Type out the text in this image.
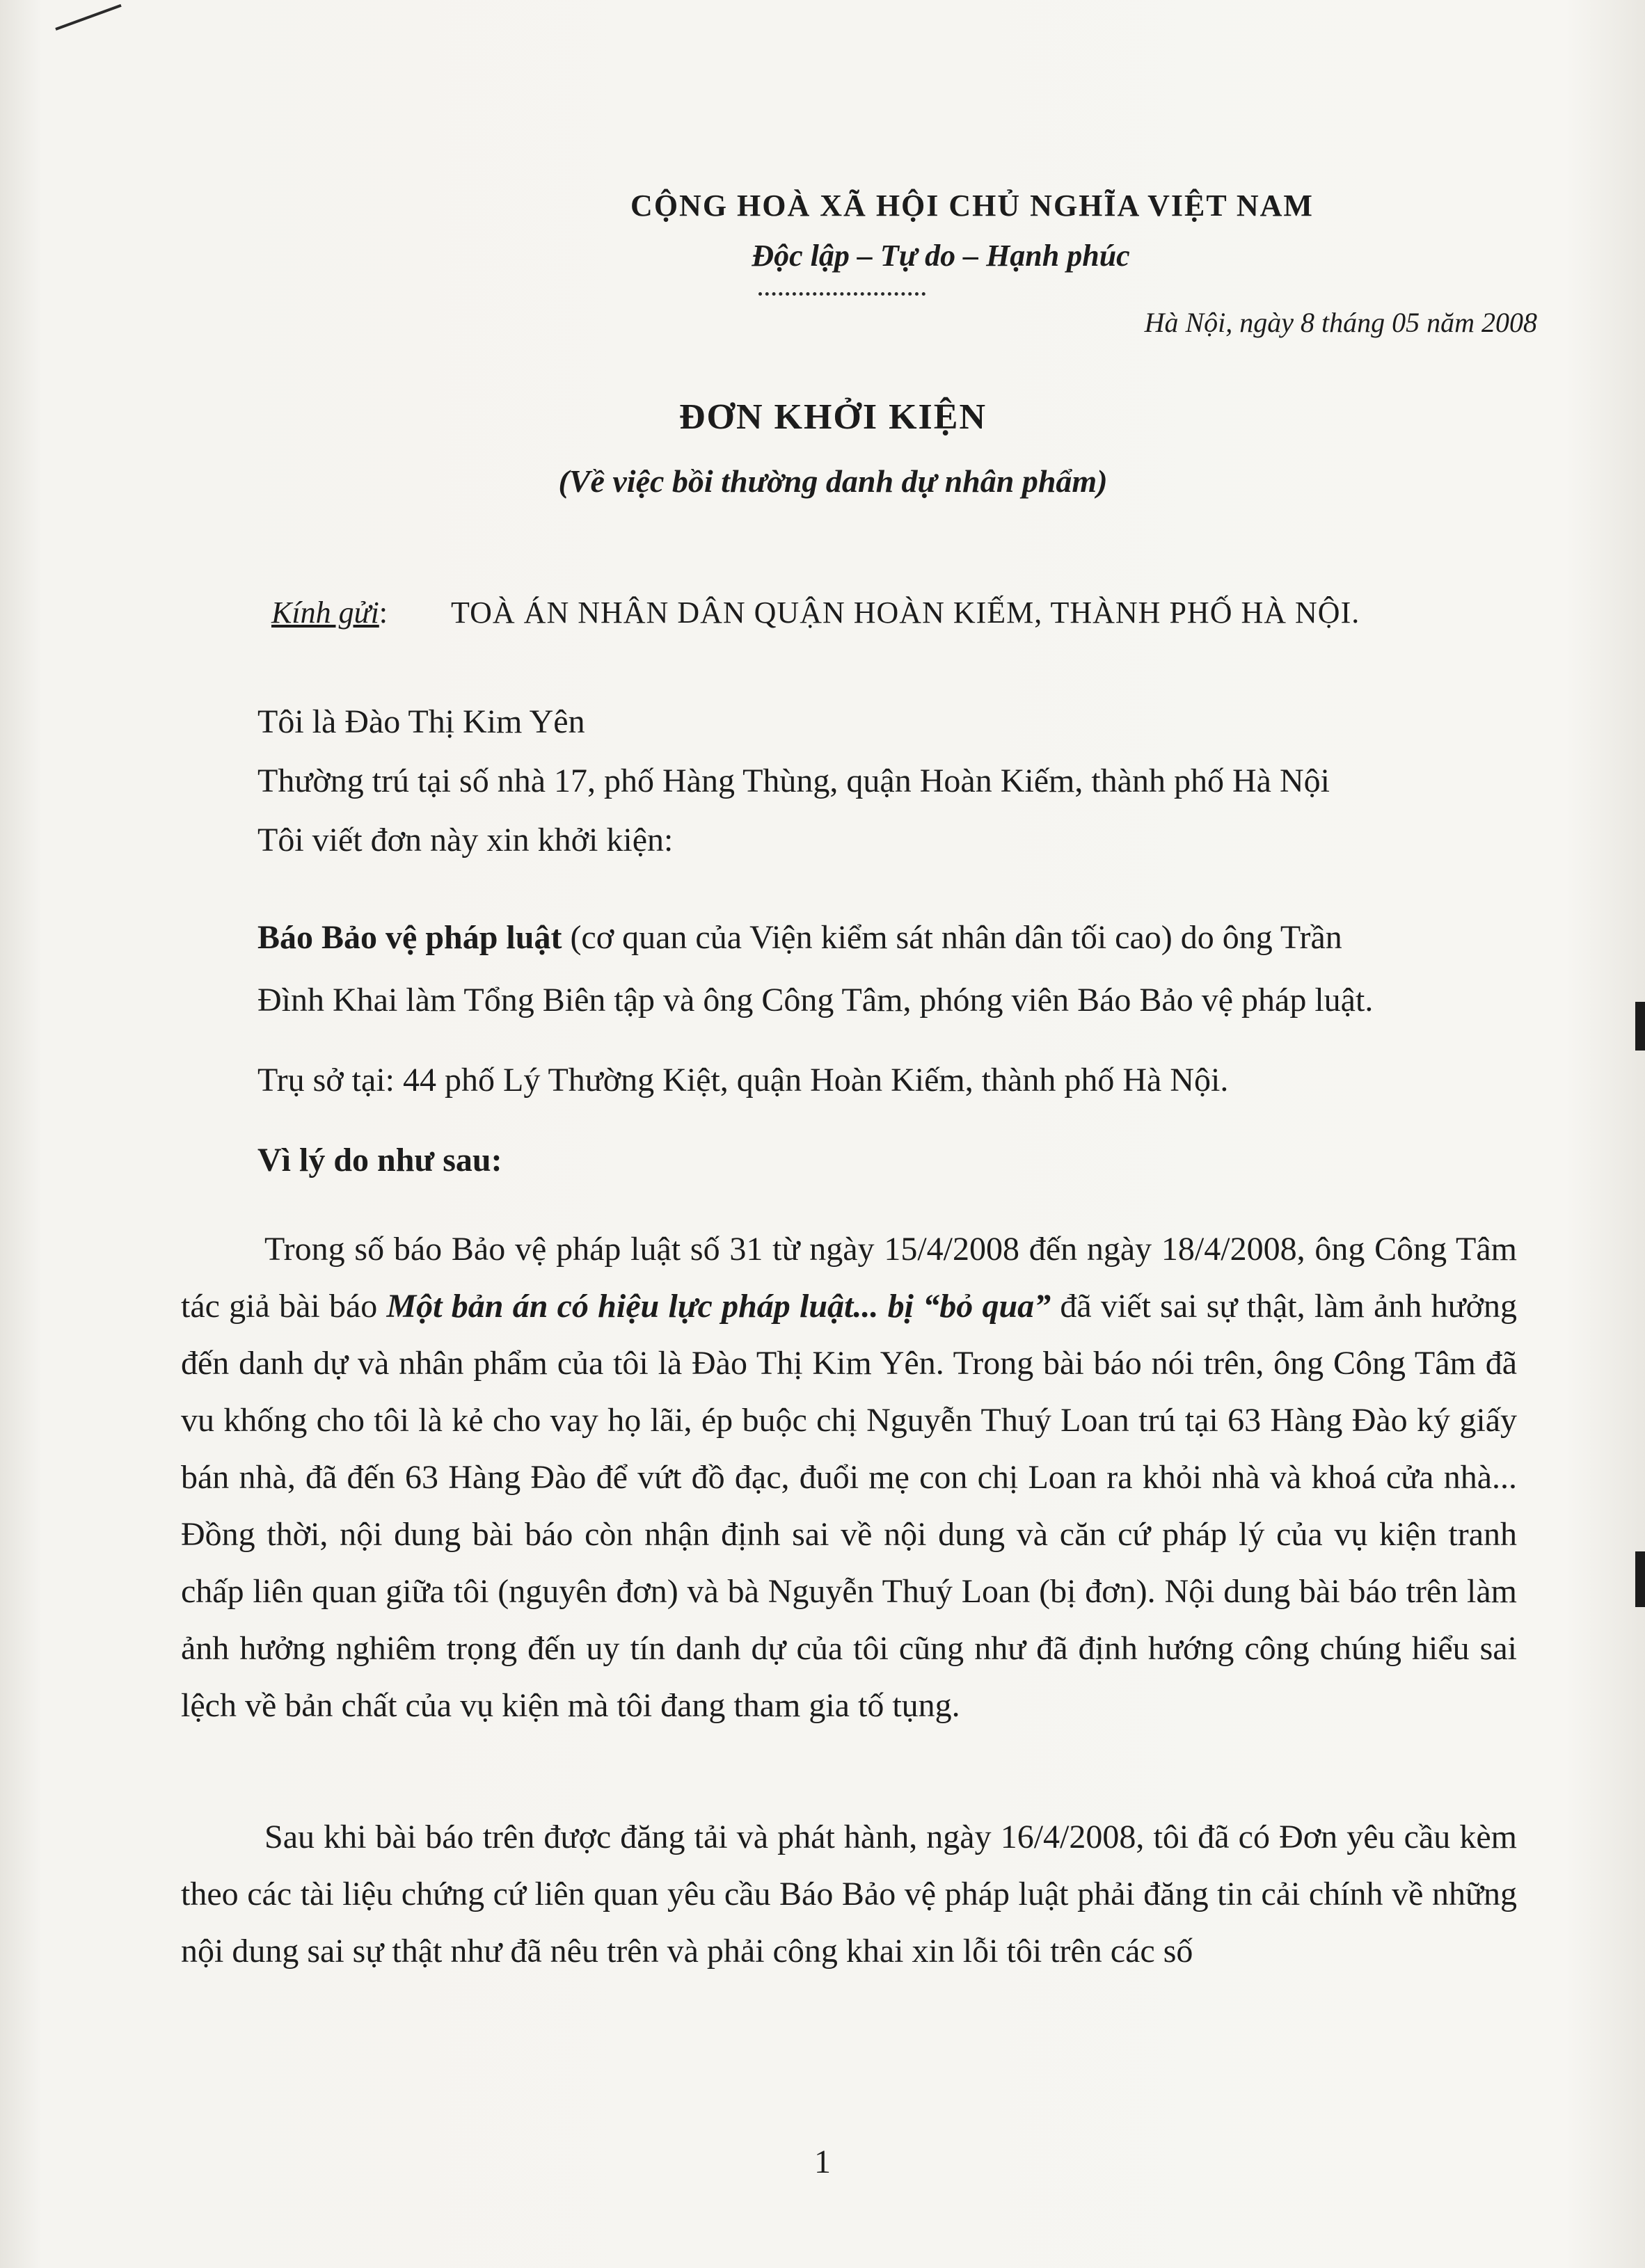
CỘNG HOÀ XÃ HỘI CHỦ NGHĨA VIỆT NAM
Độc lập – Tự do – Hạnh phúc
Hà Nội, ngày 8 tháng 05 năm 2008
ĐƠN KHỞI KIỆN
(Về việc bồi thường danh dự nhân phẩm)
Kính gửi: TOÀ ÁN NHÂN DÂN QUẬN HOÀN KIẾM, THÀNH PHỐ HÀ NỘI.
Tôi là Đào Thị Kim Yên
Thường trú tại số nhà 17, phố Hàng Thùng, quận Hoàn Kiếm, thành phố Hà Nội
Tôi viết đơn này xin khởi kiện:
Báo Bảo vệ pháp luật (cơ quan của Viện kiểm sát nhân dân tối cao) do ông Trần
Đình Khai làm Tổng Biên tập và ông Công Tâm, phóng viên Báo Bảo vệ pháp luật.
Trụ sở tại: 44 phố Lý Thường Kiệt, quận Hoàn Kiếm, thành phố Hà Nội.
Vì lý do như sau:
Trong số báo Bảo vệ pháp luật số 31 từ ngày 15/4/2008 đến ngày 18/4/2008, ông Công Tâm tác giả bài báo Một bản án có hiệu lực pháp luật... bị “bỏ qua” đã viết sai sự thật, làm ảnh hưởng đến danh dự và nhân phẩm của tôi là Đào Thị Kim Yên. Trong bài báo nói trên, ông Công Tâm đã vu khống cho tôi là kẻ cho vay họ lãi, ép buộc chị Nguyễn Thuý Loan trú tại 63 Hàng Đào ký giấy bán nhà, đã đến 63 Hàng Đào để vứt đồ đạc, đuổi mẹ con chị Loan ra khỏi nhà và khoá cửa nhà... Đồng thời, nội dung bài báo còn nhận định sai về nội dung và căn cứ pháp lý của vụ kiện tranh chấp liên quan giữa tôi (nguyên đơn) và bà Nguyễn Thuý Loan (bị đơn). Nội dung bài báo trên làm ảnh hưởng nghiêm trọng đến uy tín danh dự của tôi cũng như đã định hướng công chúng hiểu sai lệch về bản chất của vụ kiện mà tôi đang tham gia tố tụng.
Sau khi bài báo trên được đăng tải và phát hành, ngày 16/4/2008, tôi đã có Đơn yêu cầu kèm theo các tài liệu chứng cứ liên quan yêu cầu Báo Bảo vệ pháp luật phải đăng tin cải chính về những nội dung sai sự thật như đã nêu trên và phải công khai xin lỗi tôi trên các số
1
